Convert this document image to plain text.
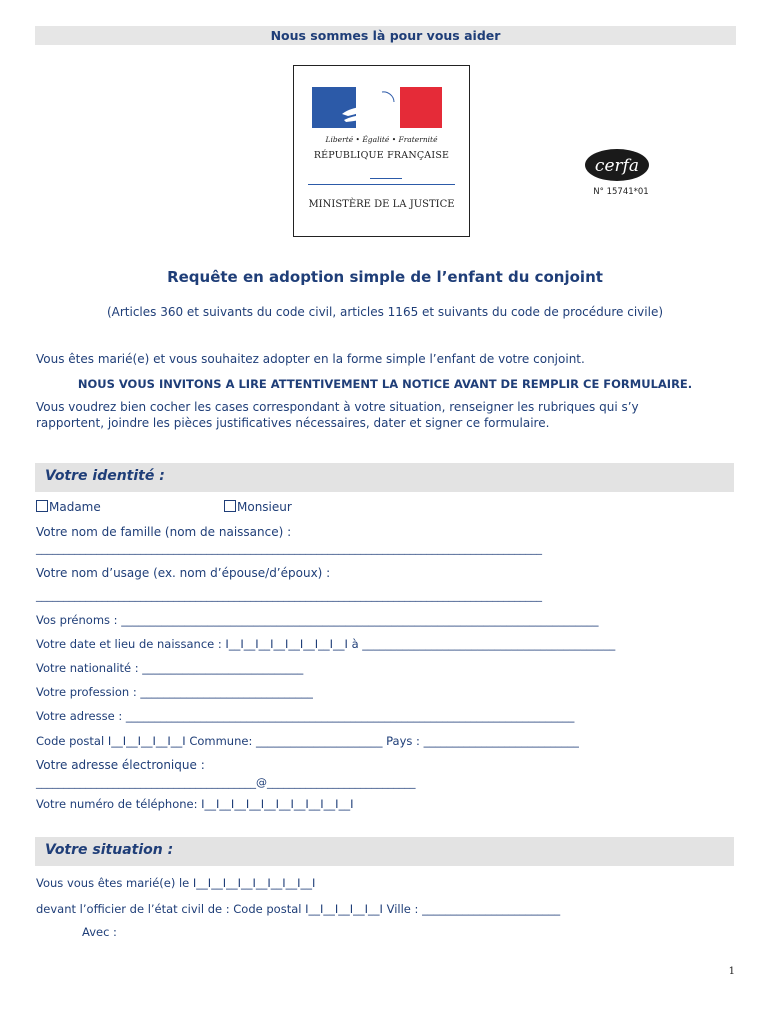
Nous sommes là pour vous aider
Liberté • Égalité • Fraternité
RÉPUBLIQUE FRANÇAISE
MINISTÈRE DE LA JUSTICE
cerfa
N° 15741*01
Requête en adoption simple de l’enfant du conjoint
(Articles 360 et suivants du code civil, articles 1165 et suivants du code de procédure civile)
Vous êtes marié(e) et vous souhaitez adopter en la forme simple l’enfant de votre conjoint.
NOUS VOUS INVITONS A LIRE ATTENTIVEMENT LA NOTICE AVANT DE REMPLIR CE FORMULAIRE.
Vous voudrez bien cocher les cases correspondant à votre situation, renseigner les rubriques qui s’y
rapportent, joindre les pièces justificatives nécessaires, dater et signer ce formulaire.
Votre identité :
Madame	Monsieur
Votre nom de famille (nom de naissance) :
____________________________________________________________________________________________
Votre nom d’usage (ex. nom d’épouse/d’époux) :
____________________________________________________________________________________________
Vos prénoms : ___________________________________________________________________________________
Votre date et lieu de naissance : I__I__I__I__I__I__I__I__I à ____________________________________________
Votre nationalité : ____________________________
Votre profession : ______________________________
Votre adresse : ______________________________________________________________________________
Code postal I__I__I__I__I__I Commune: ______________________ Pays : ___________________________
Votre adresse électronique :
________________________________________@___________________________
Votre numéro de téléphone: I__I__I__I__I__I__I__I__I__I__I
Votre situation :
Vous vous êtes marié(e) le I__I__I__I__I__I__I__I__I
devant l’officier de l’état civil de : Code postal I__I__I__I__I__I Ville : ________________________
Avec :
1
